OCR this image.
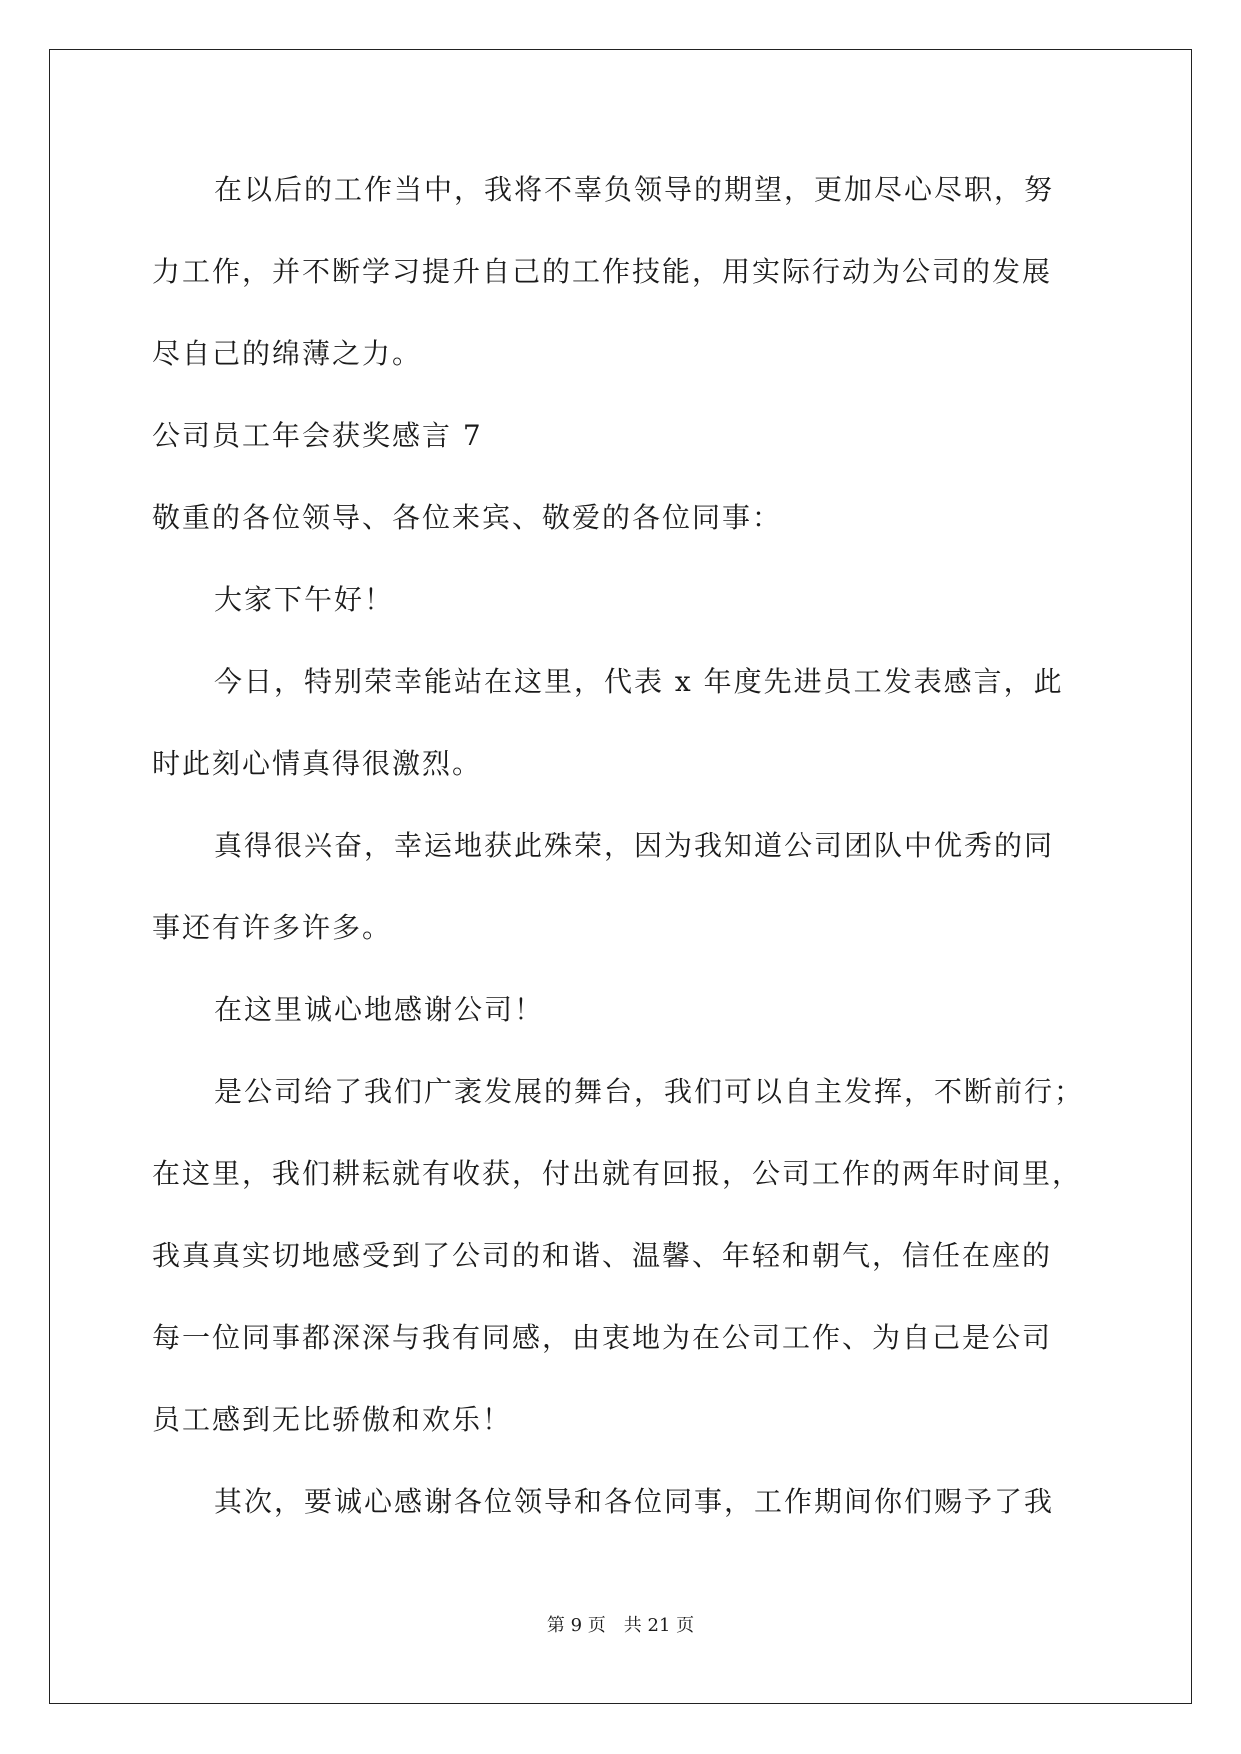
在以后的工作当中，我将不辜负领导的期望，更加尽心尽职，努
力工作，并不断学习提升自己的工作技能，用实际行动为公司的发展
尽自己的绵薄之力。
公司员工年会获奖感言 7
敬重的各位领导、各位来宾、敬爱的各位同事：
大家下午好！
今日，特别荣幸能站在这里，代表 x 年度先进员工发表感言，此
时此刻心情真得很激烈。
真得很兴奋，幸运地获此殊荣，因为我知道公司团队中优秀的同
事还有许多许多。
在这里诚心地感谢公司！
是公司给了我们广袤发展的舞台，我们可以自主发挥，不断前行；
在这里，我们耕耘就有收获，付出就有回报，公司工作的两年时间里，
我真真实切地感受到了公司的和谐、温馨、年轻和朝气，信任在座的
每一位同事都深深与我有同感，由衷地为在公司工作、为自己是公司
员工感到无比骄傲和欢乐！
其次，要诚心感谢各位领导和各位同事，工作期间你们赐予了我
第 9 页 共 21 页
